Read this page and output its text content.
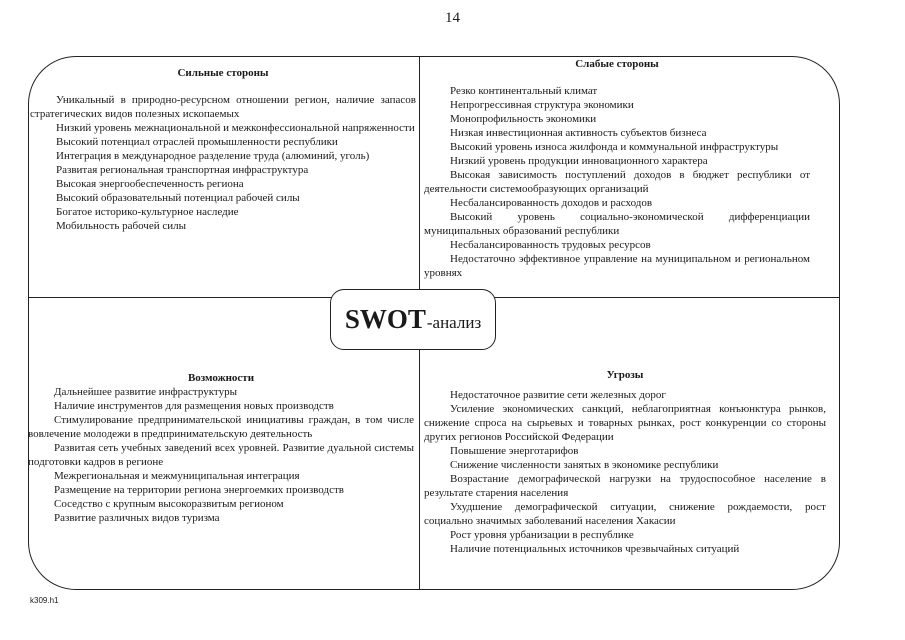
14
Сильные стороны
Уникальный в природно-ресурсном отношении регион, наличие запасов стратегических видов полезных ископаемых
Низкий уровень межнациональной и межконфессиональной напряженности
Высокий потенциал отраслей промышленности республики
Интеграция в международное разделение труда (алюминий, уголь)
Развитая региональная транспортная инфраструктура
Высокая энергообеспеченность региона
Высокий образовательный потенциал рабочей силы
Богатое историко-культурное наследие
Мобильность рабочей силы
Слабые стороны
Резко континентальный климат
Непрогрессивная структура экономики
Монопрофильность экономики
Низкая инвестиционная активность субъектов бизнеса
Высокий уровень износа жилфонда и коммунальной инфраструктуры
Низкий уровень продукции инновационного характера
Высокая зависимость поступлений доходов в бюджет республики от деятельности системообразующих организаций
Несбалансированность доходов и расходов
Высокий уровень социально-экономической дифференциации муниципальных образований республики
Несбалансированность трудовых ресурсов
Недостаточно эффективное управление на муниципальном и региональном уровнях
Возможности
Дальнейшее развитие инфраструктуры
Наличие инструментов для размещения новых производств
Стимулирование предпринимательской инициативы граждан, в том числе вовлечение молодежи в предпринимательскую деятельность
Развитая сеть учебных заведений всех уровней. Развитие дуальной системы подготовки кадров в регионе
Межрегиональная и межмуниципальная интеграция
Размещение на территории региона энергоемких производств
Соседство с крупным высокоразвитым регионом
Развитие различных видов туризма
Угрозы
Недостаточное развитие сети железных дорог
Усиление экономических санкций, неблагоприятная конъюнктура рынков, снижение спроса на сырьевых и товарных рынках, рост конкуренции со стороны других регионов Российской Федерации
Повышение энерготарифов
Снижение численности занятых в экономике республики
Возрастание демографической нагрузки на трудоспособное население в результате старения населения
Ухудшение демографической ситуации, снижение рождаемости, рост социально значимых заболеваний населения Хакасии
Рост уровня урбанизации в республике
Наличие потенциальных источников чрезвычайных ситуаций
SWOT -анализ
k309.h1
